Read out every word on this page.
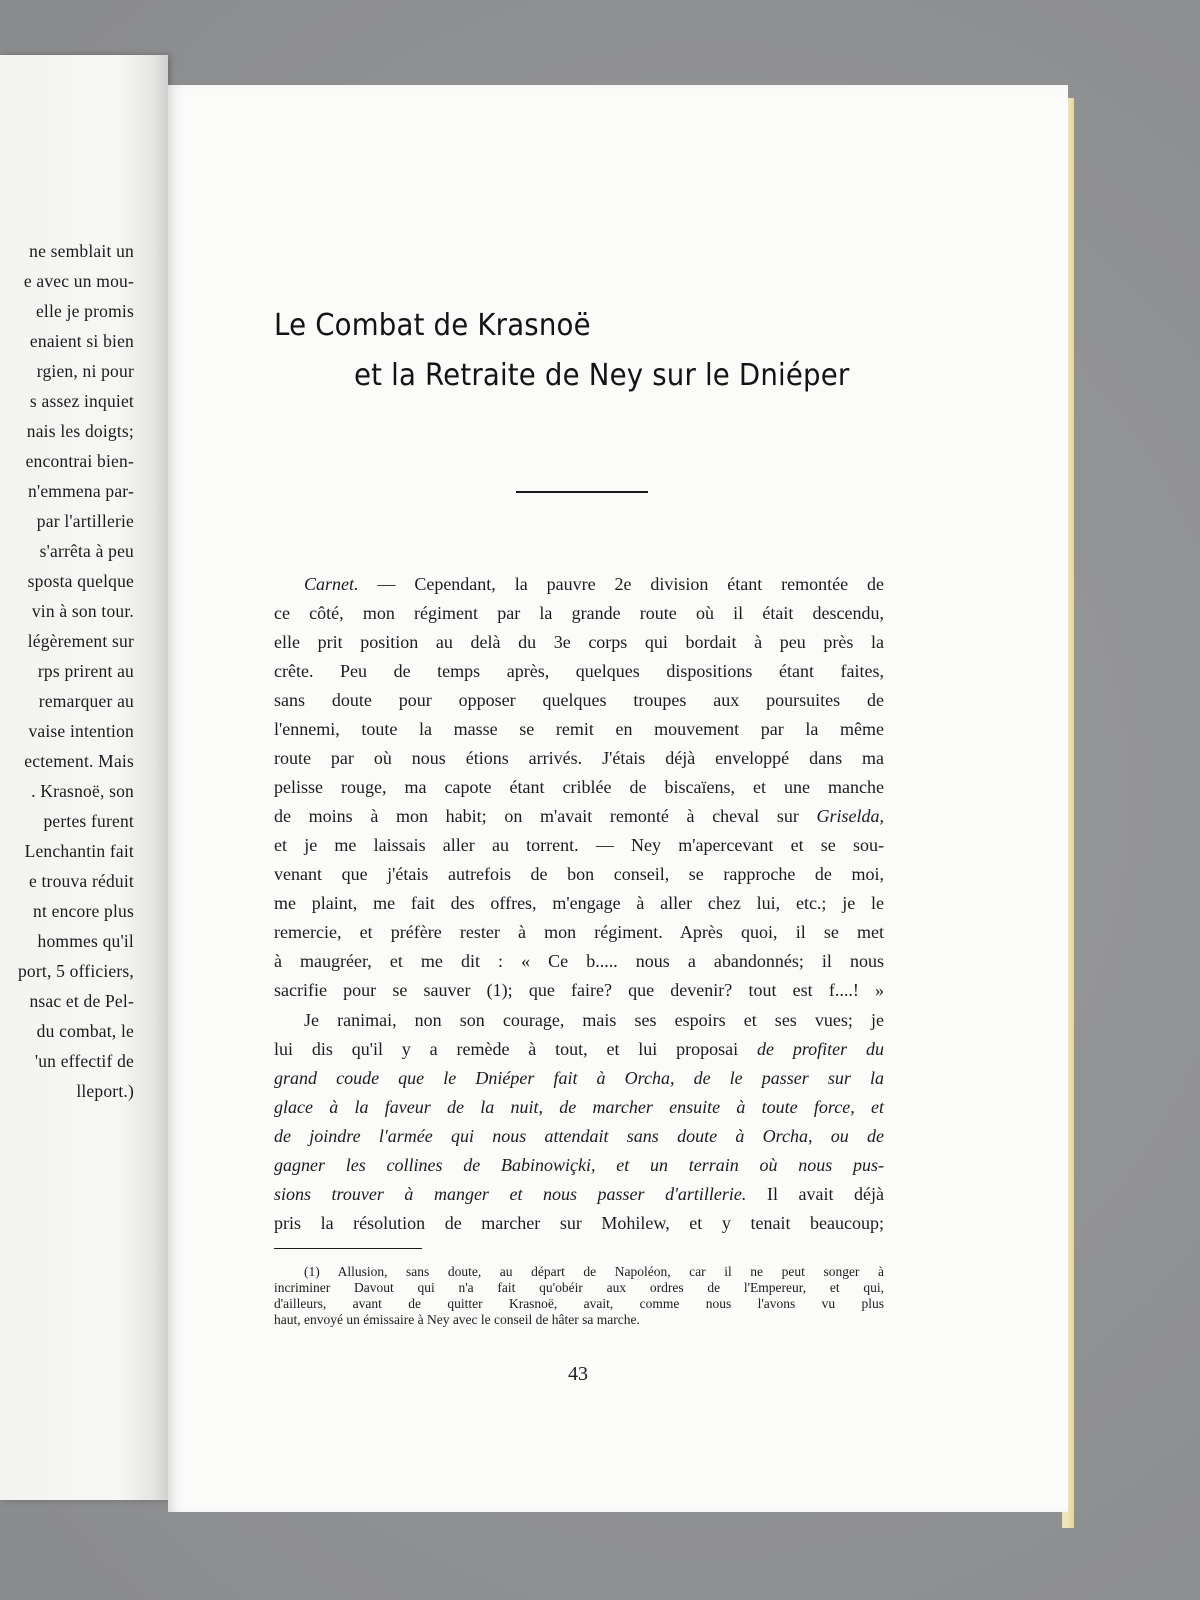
ne semblait un

e avec un mou-

elle je promis

enaient si bien

rgien, ni pour

s assez inquiet

nais les doigts;

encontrai bien-

n'emmena par-

par l'artillerie

s'arrêta à peu

sposta quelque

vin à son tour.

légèrement sur

rps prirent au

remarquer au

vaise intention

ectement. Mais

. Krasnoë, son

pertes furent

Lenchantin fait

e trouva réduit

nt encore plus

hommes qu'il

port, 5 officiers,

nsac et de Pel-

du combat, le

'un effectif de

lleport.)

Le Combat de Krasnoë
et la Retraite de Ney sur le Dniéper

Carnet. — Cependant, la pauvre 2e division étant remontée de

ce côté, mon régiment par la grande route où il était descendu,

elle prit position au delà du 3e corps qui bordait à peu près la

crête. Peu de temps après, quelques dispositions étant faites,

sans doute pour opposer quelques troupes aux poursuites de

l'ennemi, toute la masse se remit en mouvement par la même

route par où nous étions arrivés. J'étais déjà enveloppé dans ma

pelisse rouge, ma capote étant criblée de biscaïens, et une manche

de moins à mon habit; on m'avait remonté à cheval sur Griselda,

et je me laissais aller au torrent. — Ney m'apercevant et se sou-

venant que j'étais autrefois de bon conseil, se rapproche de moi,

me plaint, me fait des offres, m'engage à aller chez lui, etc.; je le

remercie, et préfère rester à mon régiment. Après quoi, il se met

à maugréer, et me dit : « Ce b..... nous a abandonnés; il nous

sacrifie pour se sauver (1); que faire? que devenir? tout est f....! »

Je ranimai, non son courage, mais ses espoirs et ses vues; je

lui dis qu'il y a remède à tout, et lui proposai de profiter du

grand coude que le Dniéper fait à Orcha, de le passer sur la

glace à la faveur de la nuit, de marcher ensuite à toute force, et

de joindre l'armée qui nous attendait sans doute à Orcha, ou de

gagner les collines de Babinowiçki, et un terrain où nous pus-

sions trouver à manger et nous passer d'artillerie. Il avait déjà

pris la résolution de marcher sur Mohilew, et y tenait beaucoup;

(1) Allusion, sans doute, au départ de Napoléon, car il ne peut songer à

incriminer Davout qui n'a fait qu'obéir aux ordres de l'Empereur, et qui,

d'ailleurs, avant de quitter Krasnoë, avait, comme nous l'avons vu plus

haut, envoyé un émissaire à Ney avec le conseil de hâter sa marche.

43
